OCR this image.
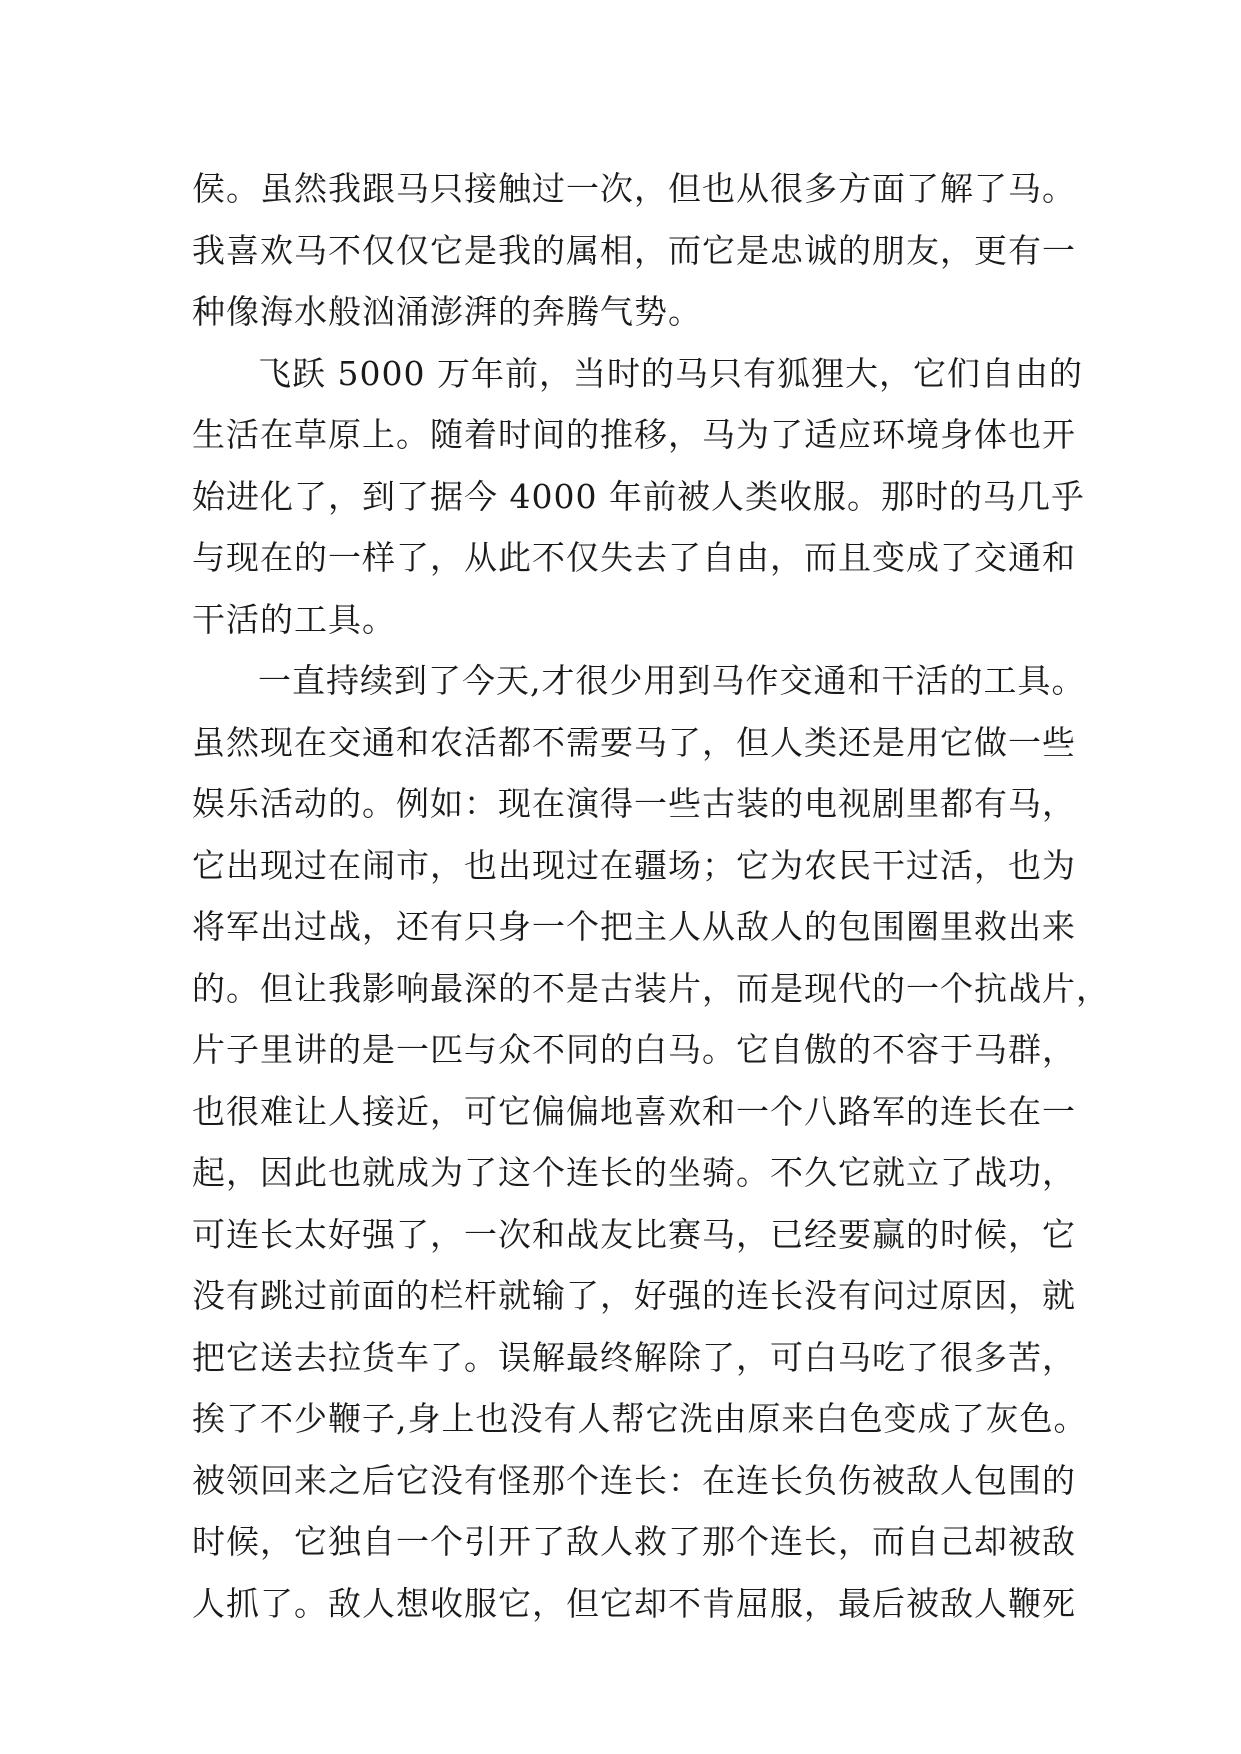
侯。虽然我跟马只接触过一次，但也从很多方面了解了马。
我喜欢马不仅仅它是我的属相，而它是忠诚的朋友，更有一
种像海水般汹涌澎湃的奔腾气势。
飞跃 5000 万年前，当时的马只有狐狸大，它们自由的
生活在草原上。随着时间的推移，马为了适应环境身体也开
始进化了，到了据今 4000 年前被人类收服。那时的马几乎
与现在的一样了，从此不仅失去了自由，而且变成了交通和
干活的工具。
一直持续到了今天,才很少用到马作交通和干活的工具。
虽然现在交通和农活都不需要马了，但人类还是用它做一些
娱乐活动的。例如：现在演得一些古装的电视剧里都有马，
它出现过在闹市，也出现过在疆场；它为农民干过活，也为
将军出过战，还有只身一个把主人从敌人的包围圈里救出来
的。但让我影响最深的不是古装片，而是现代的一个抗战片，
片子里讲的是一匹与众不同的白马。它自傲的不容于马群，
也很难让人接近，可它偏偏地喜欢和一个八路军的连长在一
起，因此也就成为了这个连长的坐骑。不久它就立了战功，
可连长太好强了，一次和战友比赛马，已经要赢的时候，它
没有跳过前面的栏杆就输了，好强的连长没有问过原因，就
把它送去拉货车了。误解最终解除了，可白马吃了很多苦，
挨了不少鞭子,身上也没有人帮它洗由原来白色变成了灰色。
被领回来之后它没有怪那个连长：在连长负伤被敌人包围的
时候，它独自一个引开了敌人救了那个连长，而自己却被敌
人抓了。敌人想收服它，但它却不肯屈服，最后被敌人鞭死
